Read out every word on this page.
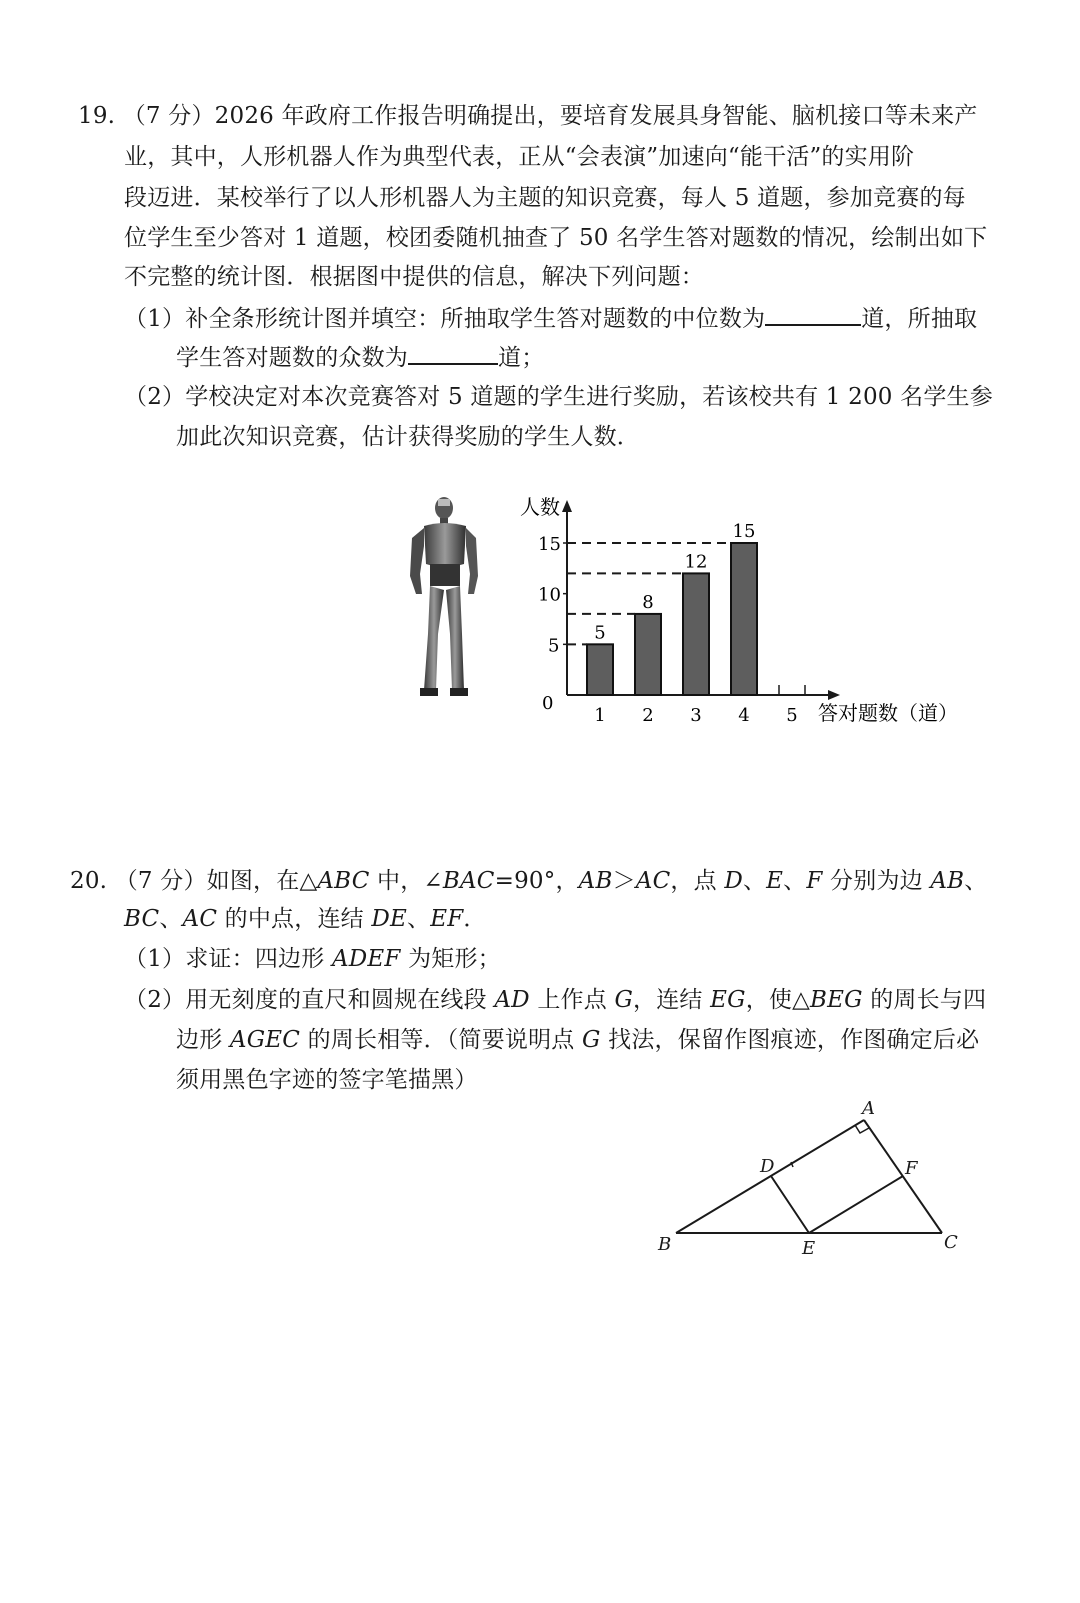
19. （7 分）2026 年政府工作报告明确提出，要培育发展具身智能、脑机接口等未来产
业，其中，人形机器人作为典型代表，正从“会表演”加速向“能干活”的实用阶
段迈进．某校举行了以人形机器人为主题的知识竞赛，每人 5 道题，参加竞赛的每
位学生至少答对 1 道题，校团委随机抽查了 50 名学生答对题数的情况，绘制出如下
不完整的统计图．根据图中提供的信息，解决下列问题：
（1）补全条形统计图并填空：所抽取学生答对题数的中位数为	道，所抽取
学生答对题数的众数为	道；
（2）学校决定对本次竞赛答对 5 道题的学生进行奖励，若该校共有 1 200 名学生参
加此次知识竞赛，估计获得奖励的学生人数．
人数
答对题数（道）
0
5
10
15
5
1
8
2
12
3
15
4 5
20. （7 分）如图，在△ABC 中，∠BAC=90°，AB＞AC，点 D、E、F 分别为边 AB、
BC、AC 的中点，连结 DE、EF．
（1）求证：四边形 ADEF 为矩形；
（2）用无刻度的直尺和圆规在线段 AD 上作点 G，连结 EG，使△BEG 的周长与四
边形 AGEC 的周长相等．（简要说明点 G 找法，保留作图痕迹，作图确定后必
须用黑色字迹的签字笔描黑）
A
B	C
D
E
F
